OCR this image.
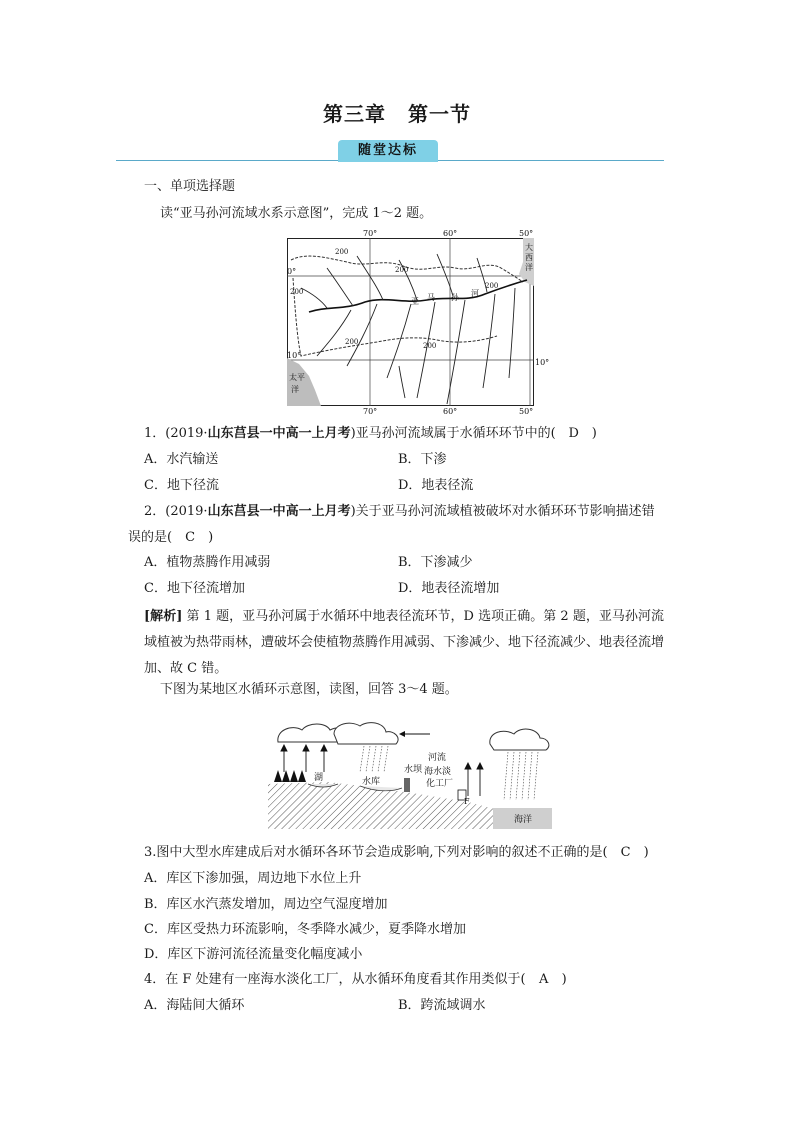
第三章 第一节
随堂达标
一、单项选择题
读“亚马孙河流域水系示意图”，完成 1～2 题。
70°	60°	50°
0°
10°
10°
70°	60°	50°
200
200
200
200
200	200
亚 马 孙 河
大
西
洋
太平
洋
1．(2019·山东莒县一中高一上月考)亚马孙河流域属于水循环环节中的( D )
A．水汽输送	B．下渗
C．地下径流	D．地表径流
2．(2019·山东莒县一中高一上月考)关于亚马孙河流域植被破坏对水循环环节影响描述错
误的是( C )
A．植物蒸腾作用减弱	B．下渗减少
C．地下径流增加	D．地表径流增加
[解析] 第 1 题，亚马孙河属于水循环中地表径流环节，D 选项正确。第 2 题，亚马孙河流域植被为热带雨林，遭破坏会使植物蒸腾作用减弱、下渗减少、地下径流减少、地表径流增加、故 C 错。
下图为某地区水循环示意图，读图，回答 3～4 题。
湖	水库
水坝
河流
海水淡
化工厂
F
海洋
3.图中大型水库建成后对水循环各环节会造成影响,下列对影响的叙述不正确的是( C )
A．库区下渗加强，周边地下水位上升
B．库区水汽蒸发增加，周边空气湿度增加
C．库区受热力环流影响，冬季降水减少，夏季降水增加
D．库区下游河流径流量变化幅度减小
4．在 F 处建有一座海水淡化工厂，从水循环角度看其作用类似于( A )
A．海陆间大循环	B．跨流域调水
